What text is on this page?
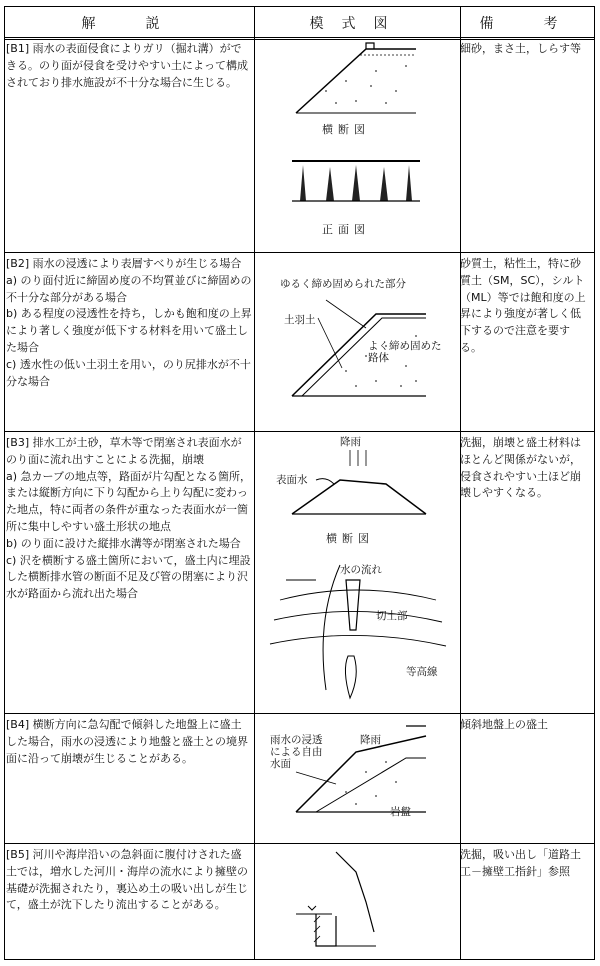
解　説	模式図	備　考

[B1] 雨水の表面侵食によりガリ（掘れ溝）ができる。のり面が侵食を受けやすい土によって構成されており排水施設が不十分な場合に生じる。

細砂，まさ土，しらす等
横断図
正面図

[B2] 雨水の浸透により表層すべりが生じる場合

a) のり面付近に締固め度の不均質並びに締固めの不十分な部分がある場合

b) ある程度の浸透性を持ち，しかも飽和度の上昇により著しく強度が低下する材料を用いて盛土した場合

c) 透水性の低い土羽土を用い，のり尻排水が不十分な場合

砂質土，粘性土，特に砂質土（SM，SC），シルト（ML）等では飽和度の上昇により強度が著しく低下するので注意を要する。
ゆるく締め固められた部分
土羽土
よく締め固めた路体

[B3] 排水工が土砂，草木等で閉塞され表面水がのり面に流れ出すことによる洗掘，崩壊

a) 急カーブの地点等，路面が片勾配となる箇所，または縦断方向に下り勾配から上り勾配に変わった地点，特に両者の条件が重なった表面水が一箇所に集中しやすい盛土形状の地点

b) のり面に設けた縦排水溝等が閉塞された場合

c) 沢を横断する盛土箇所において，盛土内に埋設した横断排水管の断面不足及び管の閉塞により沢水が路面から流れ出た場合

洗掘，崩壊と盛土材料はほとんど関係がないが，侵食されやすい土ほど崩壊しやすくなる。
降雨
表面水
横断図
水の流れ
切土部
等高線

[B4] 横断方向に急勾配で傾斜した地盤上に盛土した場合，雨水の浸透により地盤と盛土との境界面に沿って崩壊が生じることがある。

傾斜地盤上の盛土
雨水の浸透による自由水面
降雨
岩盤

[B5] 河川や海岸沿いの急斜面に腹付けされた盛土では，増水した河川・海岸の流水により擁壁の基礎が洗掘されたり，裏込め土の吸い出しが生じて，盛土が沈下したり流出することがある。

洗掘，吸い出し「道路土工－擁壁工指針」参照
